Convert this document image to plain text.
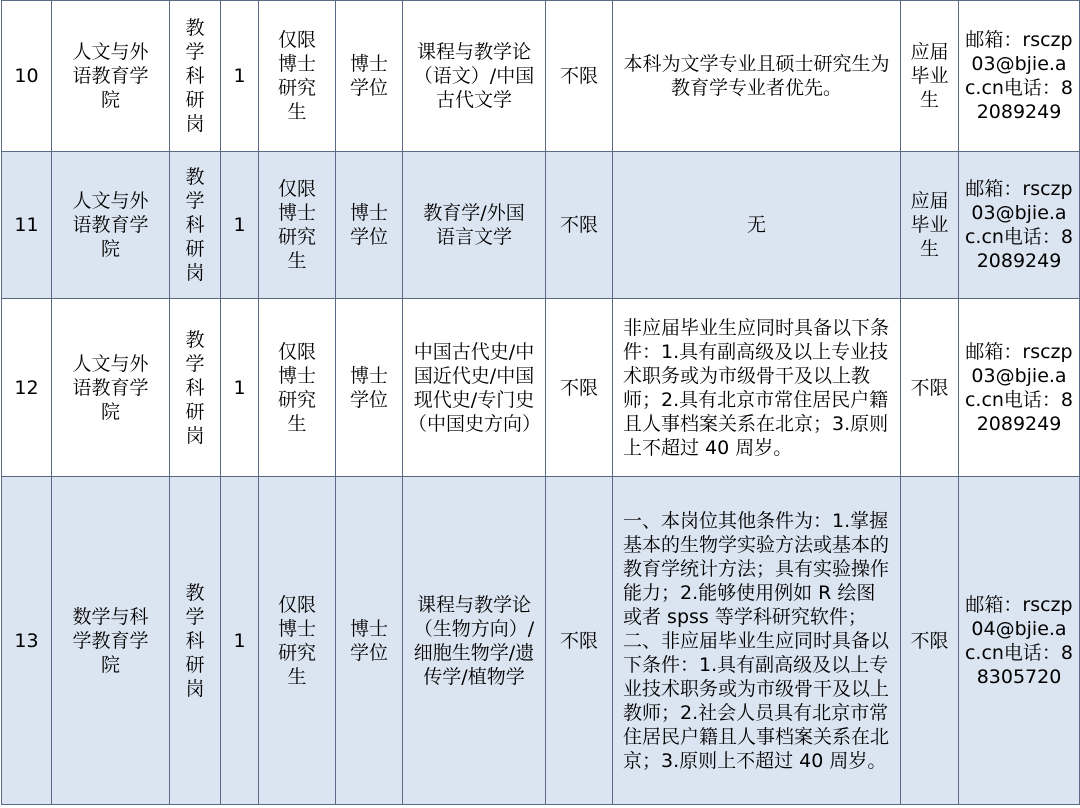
10	人文与外语教育学院	教学科研岗	1	仅限博士研究生	博士学位	课程与教学论（语文）/中国古代文学	不限	本科为文学专业且硕士研究生为教育学专业者优先。	应届毕业生	邮箱：rsczp03@bjie.ac.cn电话：82089249
11	人文与外语教育学院	教学科研岗	1	仅限博士研究生	博士学位	教育学/外国语言文学	不限	无	应届毕业生	邮箱：rsczp03@bjie.ac.cn电话：82089249
12	人文与外语教育学院	教学科研岗	1	仅限博士研究生	博士学位	中国古代史/中国近代史/中国现代史/专门史（中国史方向）	不限	非应届毕业生应同时具备以下条件：1.具有副高级及以上专业技术职务或为市级骨干及以上教师；2.具有北京市常住居民户籍且人事档案关系在北京；3.原则上不超过 40 周岁。	不限	邮箱：rsczp03@bjie.ac.cn电话：82089249
13	数学与科学教育学院	教学科研岗	1	仅限博士研究生	博士学位	课程与教学论（生物方向）/细胞生物学/遗传学/植物学	不限	一、本岗位其他条件为：1.掌握基本的生物学实验方法或基本的教育学统计方法；具有实验操作能力；2.能够使用例如 R 绘图或者 spss 等学科研究软件；二、非应届毕业生应同时具备以下条件：1.具有副高级及以上专业技术职务或为市级骨干及以上教师；2.社会人员具有北京市常住居民户籍且人事档案关系在北京；3.原则上不超过 40 周岁。	不限	邮箱：rsczp04@bjie.ac.cn电话：88305720
